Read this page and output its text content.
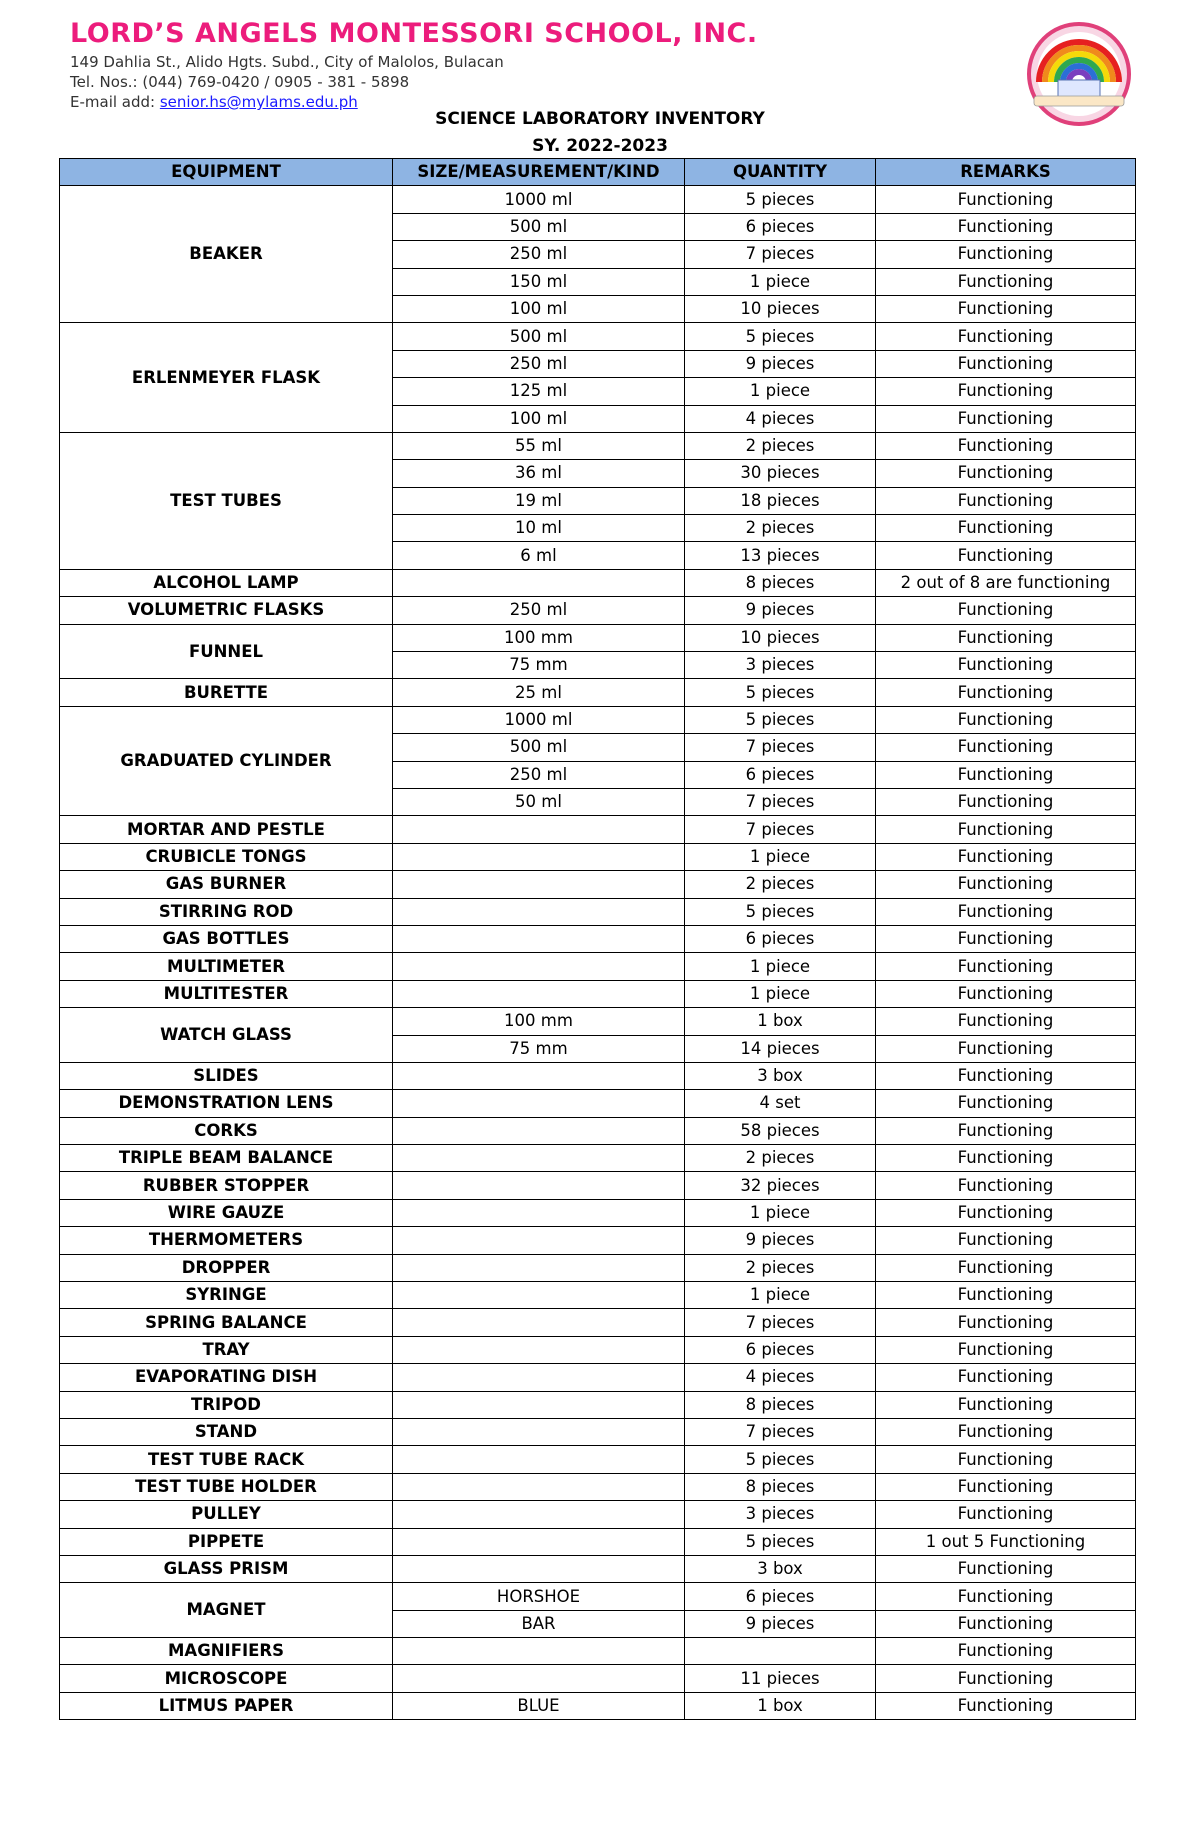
LORD’S ANGELS MONTESSORI SCHOOL, INC.
149 Dahlia St., Alido Hgts. Subd., City of Malolos, Bulacan
Tel. Nos.: (044) 769-0420 / 0905 - 381 - 5898
E-mail add: senior.hs@mylams.edu.ph
SCIENCE LABORATORY INVENTORY
SY. 2022-2023
EQUIPMENT	SIZE/MEASUREMENT/KIND	QUANTITY	REMARKS
BEAKER	1000 ml	5 pieces	Functioning
	500 ml	6 pieces	Functioning
	250 ml	7 pieces	Functioning
	150 ml	1 piece	Functioning
	100 ml	10 pieces	Functioning
ERLENMEYER FLASK	500 ml	5 pieces	Functioning
	250 ml	9 pieces	Functioning
	125 ml	1 piece	Functioning
	100 ml	4 pieces	Functioning
TEST TUBES	55 ml	2 pieces	Functioning
	36 ml	30 pieces	Functioning
	19 ml	18 pieces	Functioning
	10 ml	2 pieces	Functioning
	6 ml	13 pieces	Functioning
ALCOHOL LAMP		8 pieces	2 out of 8 are functioning
VOLUMETRIC FLASKS	250 ml	9 pieces	Functioning
FUNNEL	100 mm	10 pieces	Functioning
	75 mm	3 pieces	Functioning
BURETTE	25 ml	5 pieces	Functioning
GRADUATED CYLINDER	1000 ml	5 pieces	Functioning
	500 ml	7 pieces	Functioning
	250 ml	6 pieces	Functioning
	50 ml	7 pieces	Functioning
MORTAR AND PESTLE		7 pieces	Functioning
CRUBICLE TONGS		1 piece	Functioning
GAS BURNER		2 pieces	Functioning
STIRRING ROD		5 pieces	Functioning
GAS BOTTLES		6 pieces	Functioning
MULTIMETER		1 piece	Functioning
MULTITESTER		1 piece	Functioning
WATCH GLASS	100 mm	1 box	Functioning
	75 mm	14 pieces	Functioning
SLIDES		3 box	Functioning
DEMONSTRATION LENS		4 set	Functioning
CORKS		58 pieces	Functioning
TRIPLE BEAM BALANCE		2 pieces	Functioning
RUBBER STOPPER		32 pieces	Functioning
WIRE GAUZE		1 piece	Functioning
THERMOMETERS		9 pieces	Functioning
DROPPER		2 pieces	Functioning
SYRINGE		1 piece	Functioning
SPRING BALANCE		7 pieces	Functioning
TRAY		6 pieces	Functioning
EVAPORATING DISH		4 pieces	Functioning
TRIPOD		8 pieces	Functioning
STAND		7 pieces	Functioning
TEST TUBE RACK		5 pieces	Functioning
TEST TUBE HOLDER		8 pieces	Functioning
PULLEY		3 pieces	Functioning
PIPPETE		5 pieces	1 out 5 Functioning
GLASS PRISM		3 box	Functioning
MAGNET	HORSHOE	6 pieces	Functioning
	BAR	9 pieces	Functioning
MAGNIFIERS			Functioning
MICROSCOPE		11 pieces	Functioning
LITMUS PAPER	BLUE	1 box	Functioning
